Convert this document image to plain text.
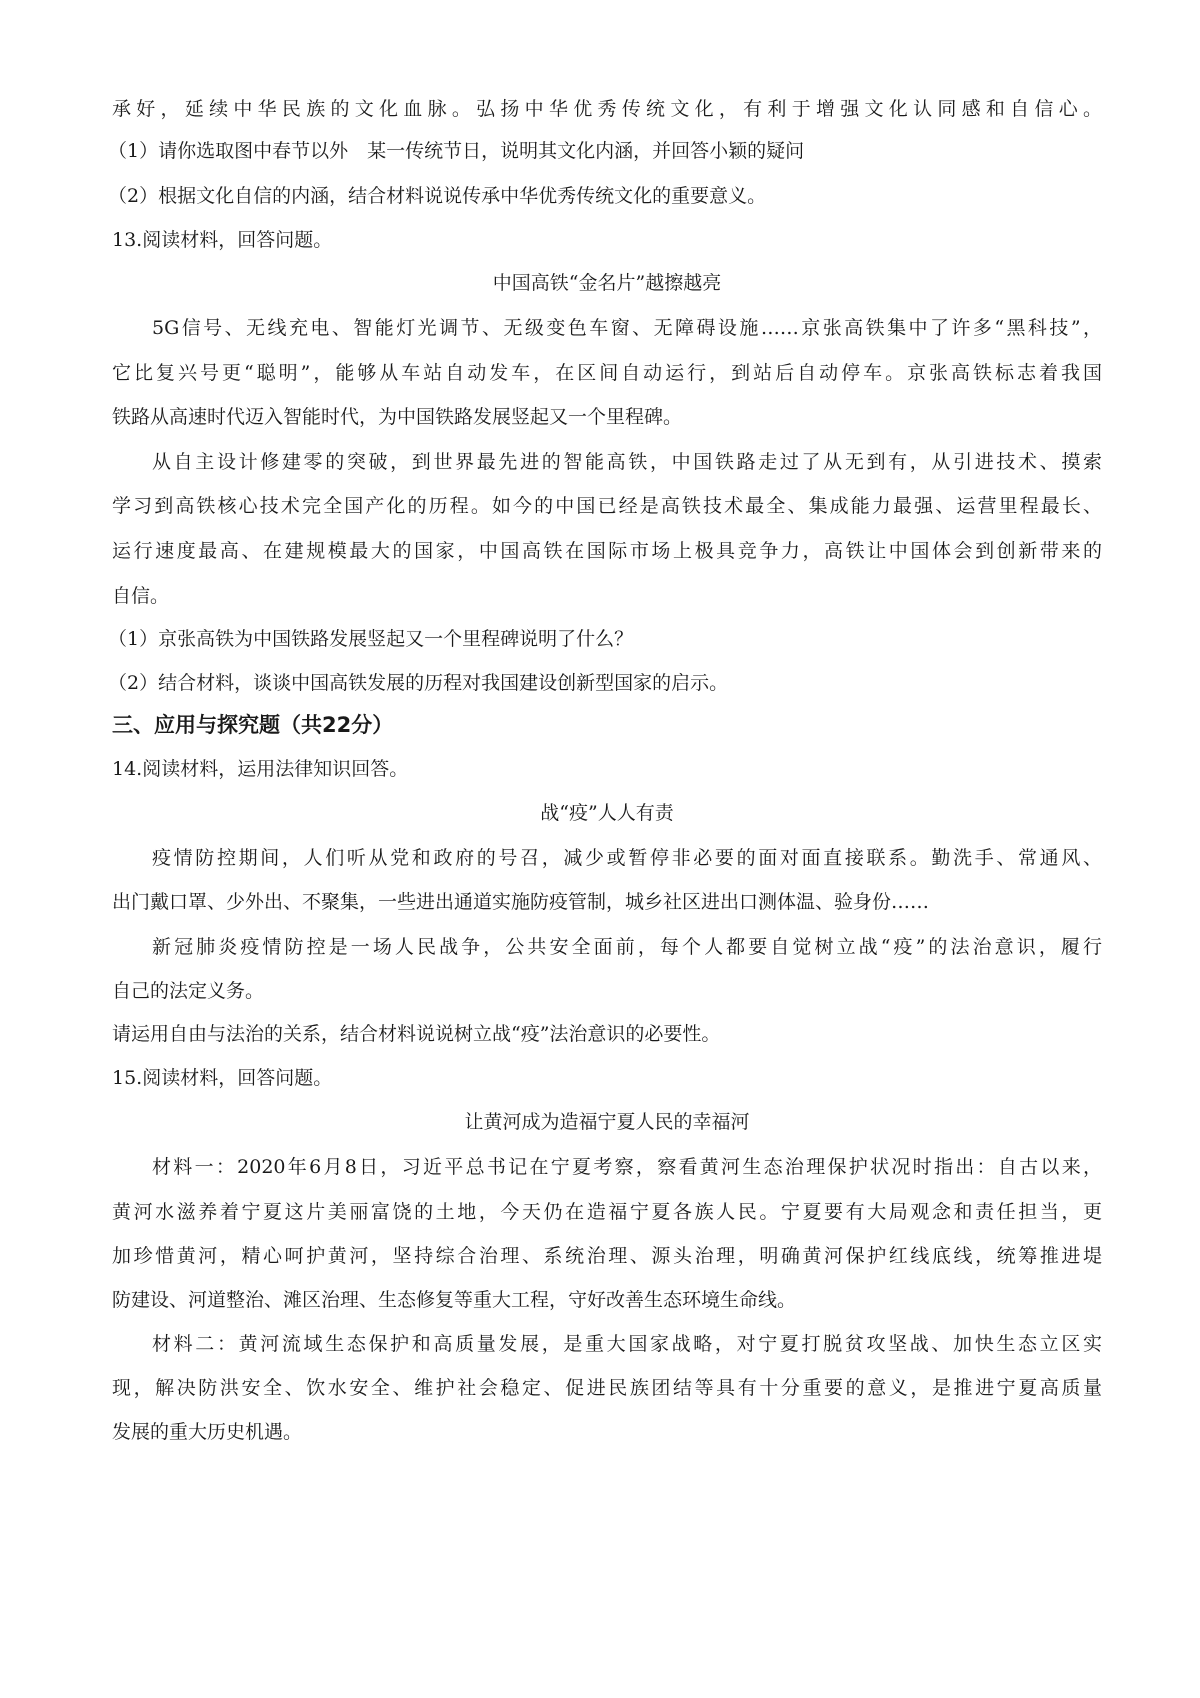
承好，延续中华民族的文化血脉。弘扬中华优秀传统文化，有利于增强文化认同感和自信心。
（1）请你选取图中春节以外　某一传统节日，说明其文化内涵，并回答小颖的疑问
（2）根据文化自信的内涵，结合材料说说传承中华优秀传统文化的重要意义。
13.阅读材料，回答问题。
中国高铁“金名片”越擦越亮
5G信号、无线充电、智能灯光调节、无级变色车窗、无障碍设施……京张高铁集中了许多“黑科技”，
它比复兴号更“聪明”，能够从车站自动发车，在区间自动运行，到站后自动停车。京张高铁标志着我国
铁路从高速时代迈入智能时代，为中国铁路发展竖起又一个里程碑。
从自主设计修建零的突破，到世界最先进的智能高铁，中国铁路走过了从无到有，从引进技术、摸索
学习到高铁核心技术完全国产化的历程。如今的中国已经是高铁技术最全、集成能力最强、运营里程最长、
运行速度最高、在建规模最大的国家，中国高铁在国际市场上极具竞争力，高铁让中国体会到创新带来的
自信。
（1）京张高铁为中国铁路发展竖起又一个里程碑说明了什么？
（2）结合材料，谈谈中国高铁发展的历程对我国建设创新型国家的启示。
三、应用与探究题（共22分）
14.阅读材料，运用法律知识回答。
战“疫”人人有责
疫情防控期间，人们听从党和政府的号召，减少或暂停非必要的面对面直接联系。勤洗手、常通风、
出门戴口罩、少外出、不聚集，一些进出通道实施防疫管制，城乡社区进出口测体温、验身份……
新冠肺炎疫情防控是一场人民战争，公共安全面前，每个人都要自觉树立战“疫”的法治意识，履行
自己的法定义务。
请运用自由与法治的关系，结合材料说说树立战“疫”法治意识的必要性。
15.阅读材料，回答问题。
让黄河成为造福宁夏人民的幸福河
材料一：2020年6月8日，习近平总书记在宁夏考察，察看黄河生态治理保护状况时指出：自古以来，
黄河水滋养着宁夏这片美丽富饶的土地，今天仍在造福宁夏各族人民。宁夏要有大局观念和责任担当，更
加珍惜黄河，精心呵护黄河，坚持综合治理、系统治理、源头治理，明确黄河保护红线底线，统筹推进堤
防建设、河道整治、滩区治理、生态修复等重大工程，守好改善生态环境生命线。
材料二：黄河流域生态保护和高质量发展，是重大国家战略，对宁夏打脱贫攻坚战、加快生态立区实
现，解决防洪安全、饮水安全、维护社会稳定、促进民族团结等具有十分重要的意义，是推进宁夏高质量
发展的重大历史机遇。
